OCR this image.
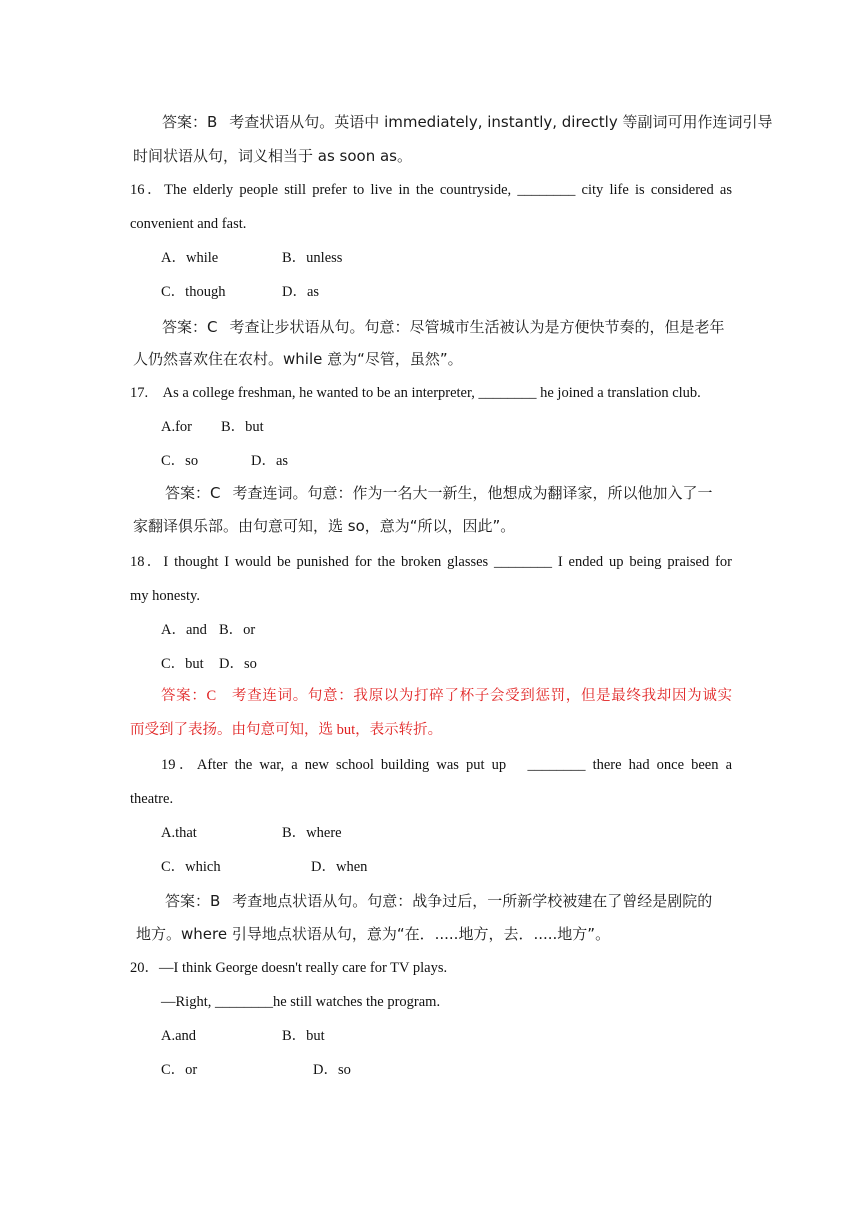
答案：B 考查状语从句。英语中 immediately, instantly, directly 等副词可用作连词引导
时间状语从句，词义相当于 as soon as。
16．The elderly people still prefer to live in the countryside, ________ city life is considered as
convenient and fast.
A．while	B．unless
C．though	D．as
答案：C 考查让步状语从句。句意：尽管城市生活被认为是方便快节奏的，但是老年
人仍然喜欢住在农村。while 意为“尽管，虽然”。
17.　As a college freshman, he wanted to be an interpreter, ________ he joined a translation club.
A.for B．but
C．so	D．as
答案：C 考查连词。句意：作为一名大一新生，他想成为翻译家，所以他加入了一
家翻译俱乐部。由句意可知，选 so，意为“所以，因此”。
18．I thought I would be punished for the broken glasses ________ I ended up being praised for
my honesty.
A．and B．or
C．but D．so
答案：C　考查连词。句意：我原以为打碎了杯子会受到惩罚，但是最终我却因为诚实
而受到了表扬。由句意可知，选 but，表示转折。
19．After the war, a new school building was put up　________ there had once been a
theatre.
A.that	B．where
C．which	D．when
答案：B 考查地点状语从句。句意：战争过后，一所新学校被建在了曾经是剧院的
地方。where 引导地点状语从句，意为“在．.....地方，去．.....地方”。
20．—I think George doesn't really care for TV plays.
—Right, ________he still watches the program.
A.and	B．but
C．or	D．so
